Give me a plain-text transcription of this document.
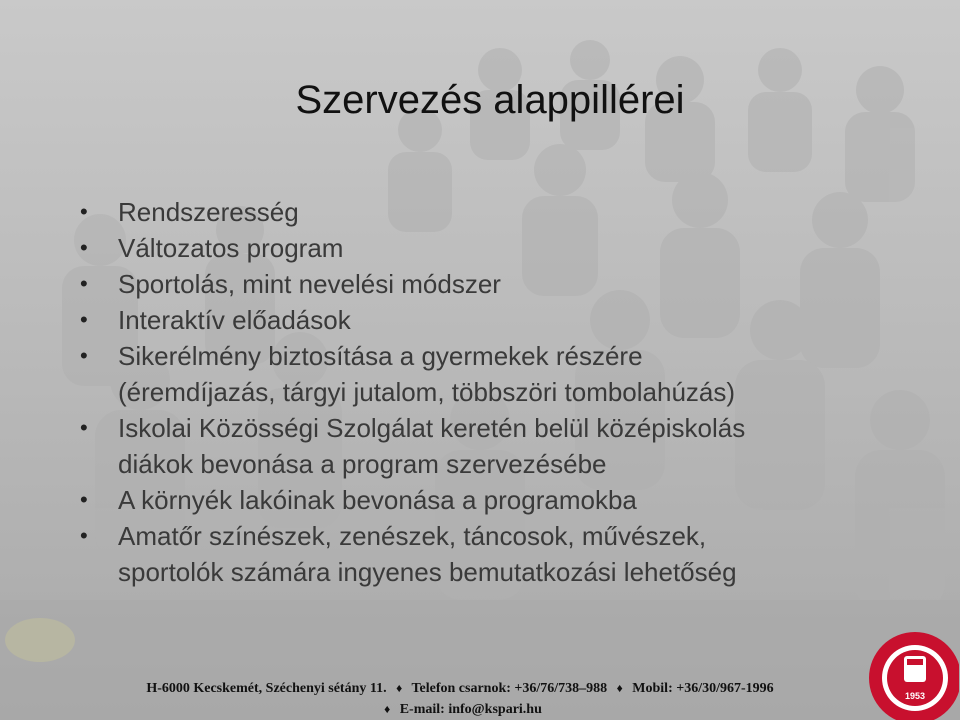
Szervezés alappillérei
• Rendszeresség
• Változatos program
• Sportolás, mint nevelési módszer
• Interaktív előadások
• Sikerélmény biztosítása a gyermekek részére
(éremdíjazás, tárgyi jutalom, többszöri tombolahúzás)
• Iskolai Közösségi Szolgálat keretén belül középiskolás
diákok bevonása a program szervezésébe
• A környék lakóinak bevonása a programokba
• Amatőr színészek, zenészek, táncosok, művészek,
sportolók számára ingyenes bemutatkozási lehetőség
H-6000 Kecskemét, Széchenyi sétány 11. ♦ Telefon csarnok: +36/76/738–988 ♦ Mobil: +36/30/967-1996
♦ E-mail: info@kspari.hu
1953
